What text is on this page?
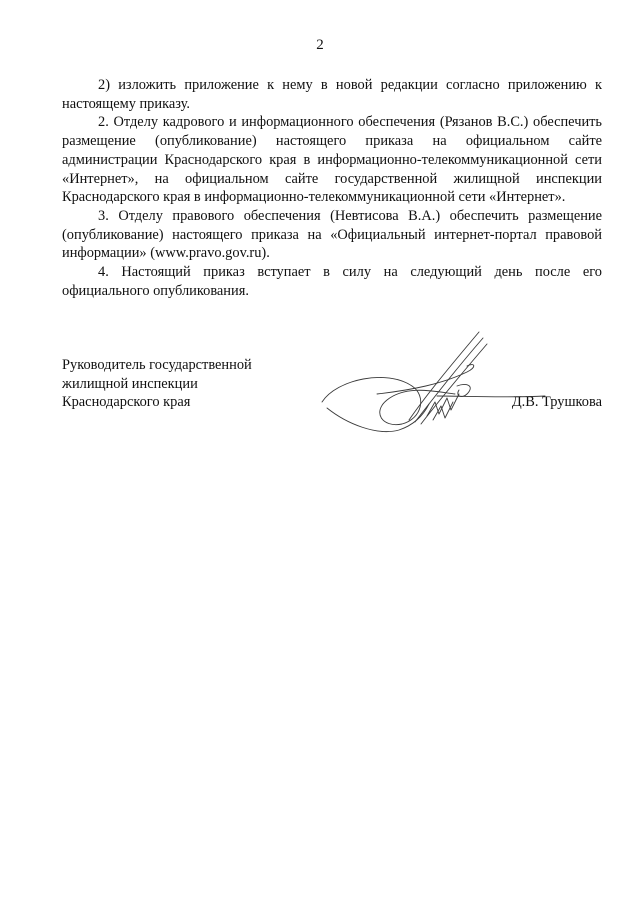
2

2) изложить приложение к нему в новой редакции согласно приложению к настоящему приказу.

2. Отделу кадрового и информационного обеспечения (Рязанов В.С.) обеспечить размещение (опубликование) настоящего приказа на официальном сайте администрации Краснодарского края в информационно-телекоммуникационной сети «Интернет», на официальном сайте государственной жилищной инспекции Краснодарского края в информационно-телекоммуникационной сети «Интернет».

3. Отделу правового обеспечения (Невтисова В.А.) обеспечить размещение (опубликование) настоящего приказа на «Официальный интернет-портал правовой информации» (www.pravo.gov.ru).

4. Настоящий приказ вступает в силу на следующий день после его официального опубликования.

Руководитель государственной
жилищной инспекции
Краснодарского края	Д.В. Трушкова
